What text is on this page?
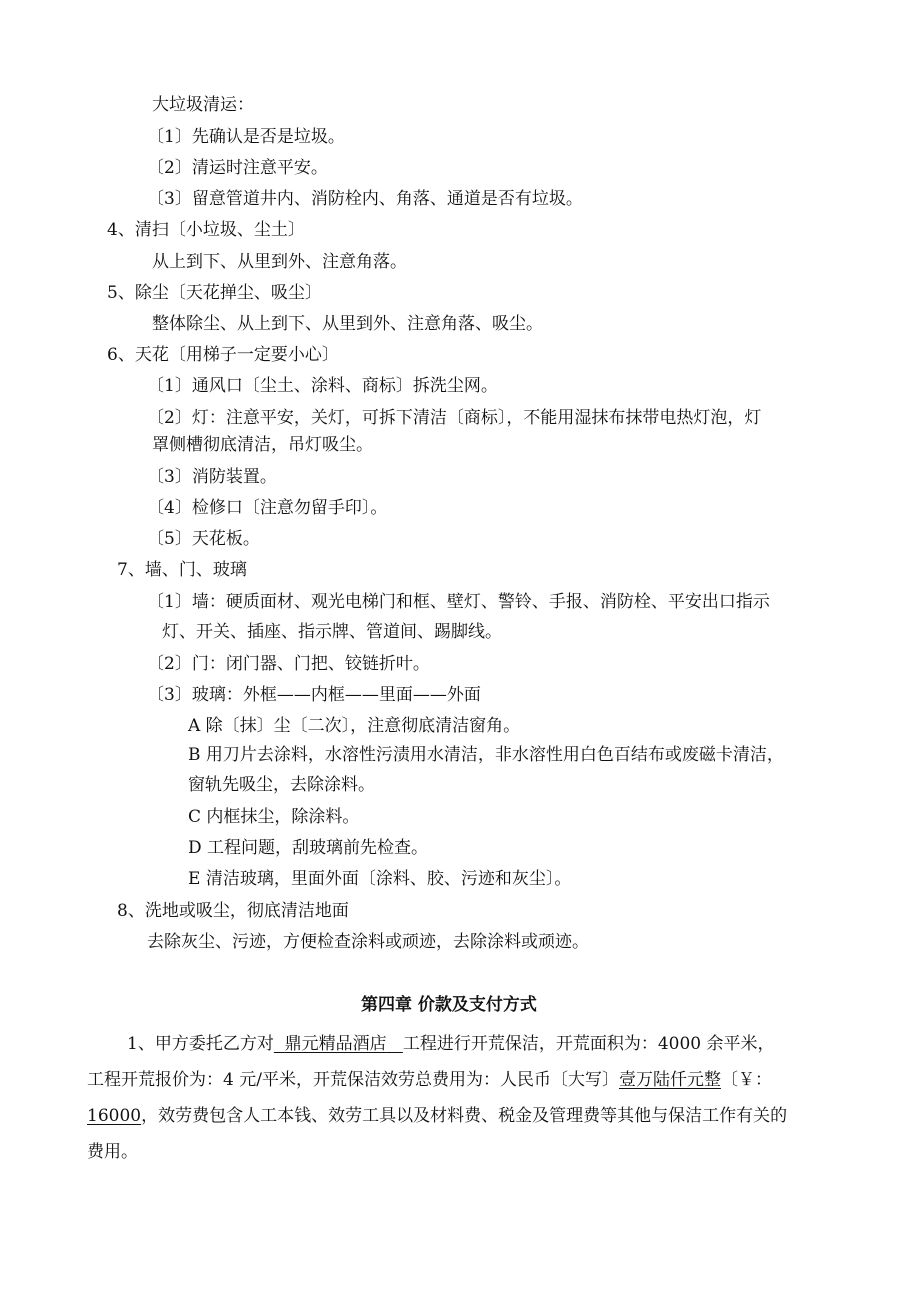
大垃圾清运：
〔1〕先确认是否是垃圾。
〔2〕清运时注意平安。
〔3〕留意管道井内、消防栓内、角落、通道是否有垃圾。
4、清扫〔小垃圾、尘土〕
从上到下、从里到外、注意角落。
5、除尘〔天花掸尘、吸尘〕
整体除尘、从上到下、从里到外、注意角落、吸尘。
6、天花〔用梯子一定要小心〕
〔1〕通风口〔尘土、涂料、商标〕拆洗尘网。
〔2〕灯：注意平安，关灯，可拆下清洁〔商标〕，不能用湿抹布抹带电热灯泡，灯
罩侧槽彻底清洁，吊灯吸尘。
〔3〕消防装置。
〔4〕检修口〔注意勿留手印〕。
〔5〕天花板。
7、墙、门、玻璃
〔1〕墙：硬质面材、观光电梯门和框、壁灯、警铃、手报、消防栓、平安出口指示
灯、开关、插座、指示牌、管道间、踢脚线。
〔2〕门：闭门器、门把、铰链折叶。
〔3〕玻璃：外框——内框——里面——外面
A 除〔抹〕尘〔二次〕，注意彻底清洁窗角。
B 用刀片去涂料，水溶性污渍用水清洁，非水溶性用白色百结布或废磁卡清洁，
窗轨先吸尘，去除涂料。
C 内框抹尘，除涂料。
D 工程问题，刮玻璃前先检查。
E 清洁玻璃，里面外面〔涂料、胶、污迹和灰尘〕。
8、洗地或吸尘，彻底清洁地面
去除灰尘、污迹，方便检查涂料或顽迹，去除涂料或顽迹。
第四章 价款及支付方式
1、甲方委托乙方对 鼎元精品酒店 工程进行开荒保洁，开荒面积为：4000 余平米，
工程开荒报价为：4 元/平米，开荒保洁效劳总费用为：人民币〔大写〕壹万陆仟元整〔￥：
16000，效劳费包含人工本钱、效劳工具以及材料费、税金及管理费等其他与保洁工作有关的
费用。
